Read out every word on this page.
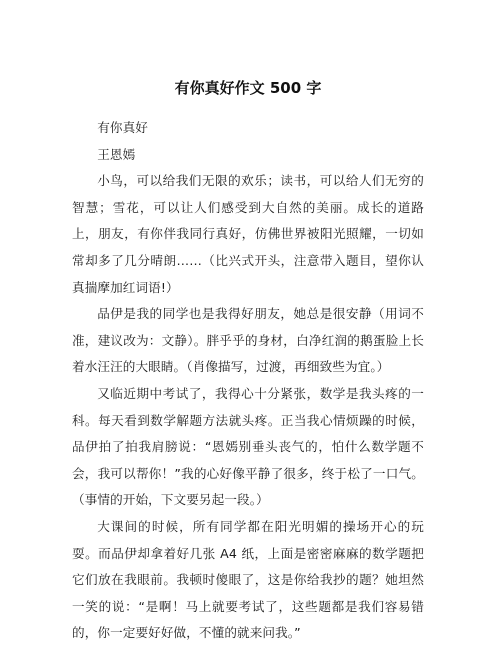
有你真好作文 500 字

有你真好

王恩嫣

小鸟，可以给我们无限的欢乐；读书，可以给人们无穷的智慧；雪花，可以让人们感受到大自然的美丽。成长的道路上，朋友，有你伴我同行真好，仿佛世界被阳光照耀，一切如常却多了几分晴朗……（比兴式开头，注意带入题目，望你认真揣摩加红词语!）

品伊是我的同学也是我得好朋友，她总是很安静（用词不准，建议改为：文静）。胖乎乎的身材，白净红润的鹅蛋脸上长着水汪汪的大眼睛。（肖像描写，过渡，再细致些为宜。）

又临近期中考试了，我得心十分紧张，数学是我头疼的一科。每天看到数学解题方法就头疼。正当我心情烦躁的时候，品伊拍了拍我肩膀说：“恩嫣别垂头丧气的，怕什么数学题不会，我可以帮你！”我的心好像平静了很多，终于松了一口气。（事情的开始，下文要另起一段。）

大课间的时候，所有同学都在阳光明媚的操场开心的玩耍。而品伊却拿着好几张 A4 纸，上面是密密麻麻的数学题把它们放在我眼前。我顿时傻眼了，这是你给我抄的题？她坦然一笑的说：“是啊！马上就要考试了，这些题都是我们容易错的，你一定要好好做，不懂的就来问我。”
